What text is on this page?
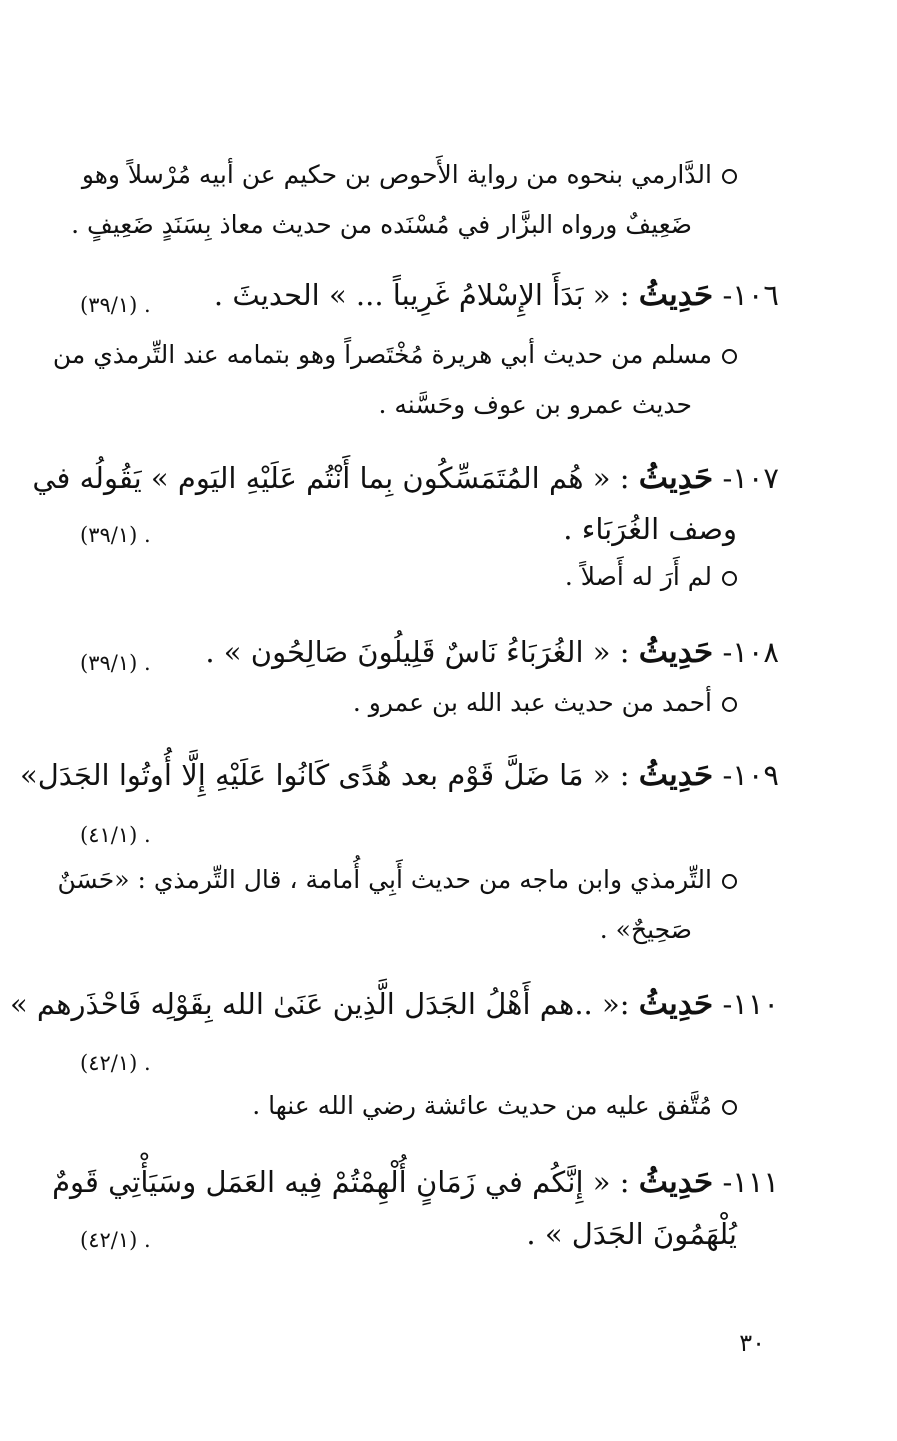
الدَّارمي بنحوه من رواية الأَحوص بن حكيم عن أبيه مُرْسلاً وهو
ضَعِيفٌ ورواه البزَّار في مُسْنَده من حديث معاذ بِسَنَدٍ ضَعِيفٍ .
١٠٦- حَدِيثُ : « بَدَأَ الإِسْلامُ غَرِيباً ... » الحديثَ .
(٣٩/١) .
مسلم من حديث أبي هريرة مُخْتَصراً وهو بتمامه عند التِّرمذي من
حديث عمرو بن عوف وحَسَّنه .
١٠٧- حَدِيثُ : « هُم المُتَمَسِّكُون بِما أَنْتُم عَلَيْهِ اليَوم » يَقُولُه في
وصف الغُرَبَاء .
(٣٩/١) .
لم أَرَ له أَصلاً .
١٠٨- حَدِيثُ : « الغُرَبَاءُ نَاسٌ قَلِيلُونَ صَالِحُون » .
(٣٩/١) .
أحمد من حديث عبد الله بن عمرو .
١٠٩- حَدِيثُ : « مَا ضَلَّ قَوْم بعد هُدًى كَانُوا عَلَيْهِ إِلَّا أُوتُوا الجَدَل»
(٤١/١) .
التِّرمذي وابن ماجه من حديث أَبِي أُمامة ، قال التِّرمذي : «حَسَنٌ
صَحِيحٌ» .
١١٠- حَدِيثُ :« ..هم أَهْلُ الجَدَل الَّذِين عَنَىٰ الله بِقَوْلِه فَاحْذَرهم »
(٤٢/١) .
مُتَّفق عليه من حديث عائشة رضي الله عنها .
١١١- حَدِيثُ : « إِنَّكُم في زَمَانٍ أُلْهِمْتُمْ فِيه العَمَل وسَيَأْتِي قَومٌ
يُلْهَمُونَ الجَدَل » .
(٤٢/١) .
٣٠
